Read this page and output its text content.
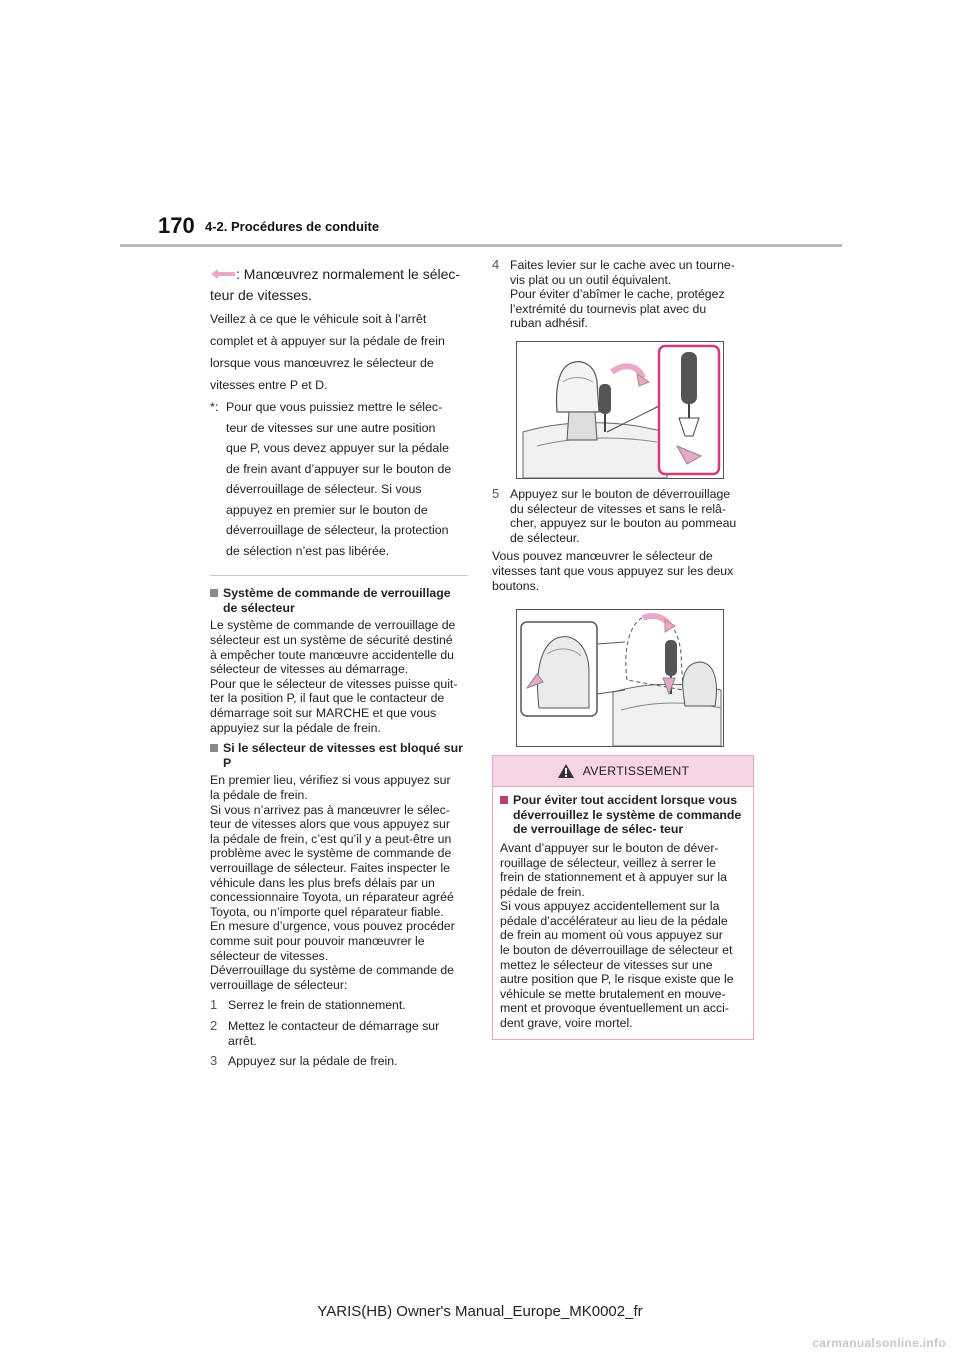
170 4-2. Procédures de conduite

: Manœuvrez normalement le sélec-
teur de vitesses.

Veillez à ce que le véhicule soit à l’arrêt

complet et à appuyer sur la pédale de frein

lorsque vous manœuvrez le sélecteur de

vitesses entre P et D.

*: Pour que vous puissiez mettre le sélec-
teur de vitesses sur une autre position
que P, vous devez appuyer sur la pédale
de frein avant d’appuyer sur le bouton de
déverrouillage de sélecteur. Si vous
appuyez en premier sur le bouton de
déverrouillage de sélecteur, la protection
de sélection n’est pas libérée.
Système de commande de verrouillage de sélecteur

Le système de commande de verrouillage de
sélecteur est un système de sécurité destiné
à empêcher toute manœuvre accidentelle du
sélecteur de vitesses au démarrage.
Pour que le sélecteur de vitesses puisse quit-
ter la position P, il faut que le contacteur de
démarrage soit sur MARCHE et que vous
appuyiez sur la pédale de frein.

Si le sélecteur de vitesses est bloqué sur P

En premier lieu, vérifiez si vous appuyez sur
la pédale de frein.
Si vous n’arrivez pas à manœuvrer le sélec-
teur de vitesses alors que vous appuyez sur
la pédale de frein, c’est qu’il y a peut-être un
problème avec le système de commande de
verrouillage de sélecteur. Faites inspecter le
véhicule dans les plus brefs délais par un
concessionnaire Toyota, un réparateur agréé
Toyota, ou n’importe quel réparateur fiable.
En mesure d’urgence, vous pouvez procéder
comme suit pour pouvoir manœuvrer le
sélecteur de vitesses.
Déverrouillage du système de commande de
verrouillage de sélecteur:

1 Serrez le frein de stationnement.
2 Mettez le contacteur de démarrage sur
arrêt.
3 Appuyez sur la pédale de frein.
4 Faites levier sur le cache avec un tourne-
vis plat ou un outil équivalent.
Pour éviter d’abîmer le cache, protégez
l’extrémité du tournevis plat avec du
ruban adhésif.
5 Appuyez sur le bouton de déverrouillage
du sélecteur de vitesses et sans le relâ-
cher, appuyez sur le bouton au pommeau
de sélecteur.

Vous pouvez manœuvrer le sélecteur de
vitesses tant que vous appuyez sur les deux
boutons.

AVERTISSEMENT
Pour éviter tout accident lorsque vous déverrouillez le système de commande de verrouillage de sélec- teur

Avant d’appuyer sur le bouton de déver-
rouillage de sélecteur, veillez à serrer le
frein de stationnement et à appuyer sur la
pédale de frein.
Si vous appuyez accidentellement sur la
pédale d’accélérateur au lieu de la pédale
de frein au moment où vous appuyez sur
le bouton de déverrouillage de sélecteur et
mettez le sélecteur de vitesses sur une
autre position que P, le risque existe que le
véhicule se mette brutalement en mouve-
ment et provoque éventuellement un acci-
dent grave, voire mortel.

YARIS(HB) Owner's Manual_Europe_MK0002_fr
carmanualsonline.info
